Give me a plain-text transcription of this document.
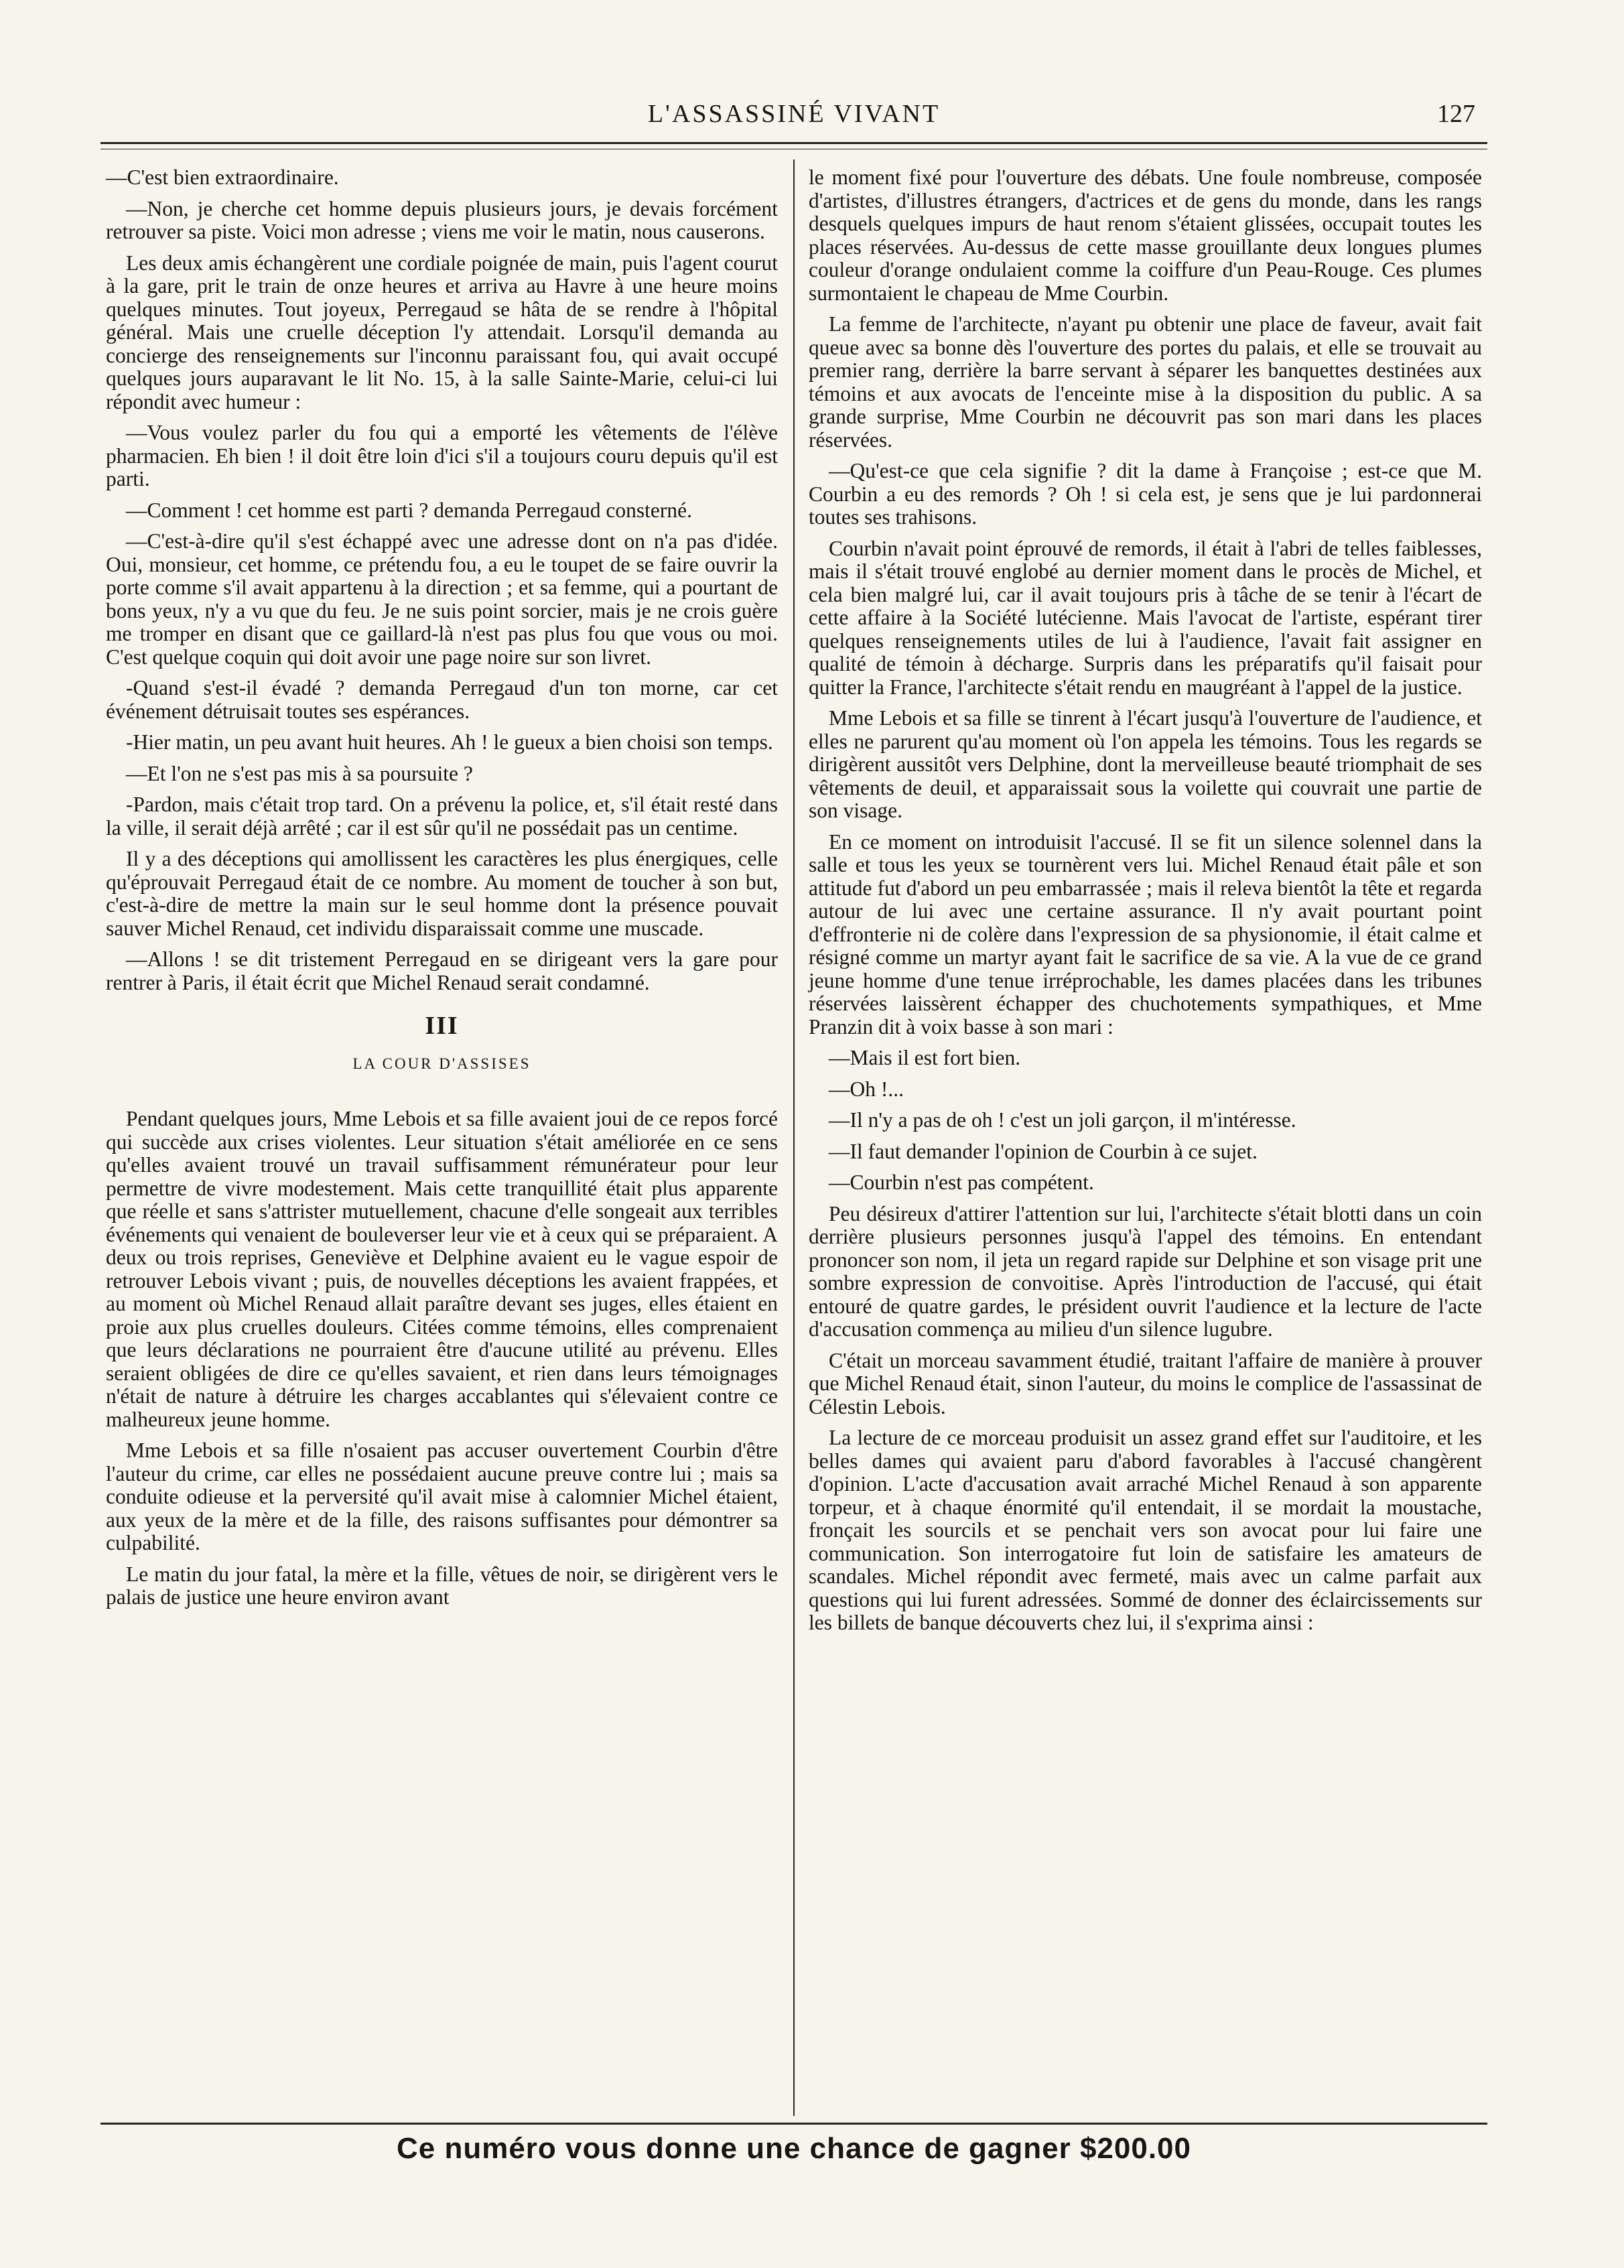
L'ASSASSINÉ VIVANT	127

—C'est bien extraordinaire.

—Non, je cherche cet homme depuis plusieurs jours, je devais forcément retrouver sa piste. Voici mon adresse ; viens me voir le matin, nous causerons.

Les deux amis échangèrent une cordiale poignée de main, puis l'agent courut à la gare, prit le train de onze heures et arriva au Havre à une heure moins quelques minutes. Tout joyeux, Perregaud se hâta de se rendre à l'hôpital général. Mais une cruelle déception l'y attendait. Lorsqu'il demanda au concierge des renseignements sur l'inconnu paraissant fou, qui avait occupé quelques jours auparavant le lit No. 15, à la salle Sainte-Marie, celui-ci lui répondit avec humeur :

—Vous voulez parler du fou qui a emporté les vêtements de l'élève pharmacien. Eh bien ! il doit être loin d'ici s'il a toujours couru depuis qu'il est parti.

—Comment ! cet homme est parti ? demanda Perregaud consterné.

—C'est-à-dire qu'il s'est échappé avec une adresse dont on n'a pas d'idée. Oui, monsieur, cet homme, ce prétendu fou, a eu le toupet de se faire ouvrir la porte comme s'il avait appartenu à la direction ; et sa femme, qui a pourtant de bons yeux, n'y a vu que du feu. Je ne suis point sorcier, mais je ne crois guère me tromper en disant que ce gaillard-là n'est pas plus fou que vous ou moi. C'est quelque coquin qui doit avoir une page noire sur son livret.

-Quand s'est-il évadé ? demanda Perregaud d'un ton morne, car cet événement détruisait toutes ses espérances.

-Hier matin, un peu avant huit heures. Ah ! le gueux a bien choisi son temps.

—Et l'on ne s'est pas mis à sa poursuite ?

-Pardon, mais c'était trop tard. On a prévenu la police, et, s'il était resté dans la ville, il serait déjà arrêté ; car il est sûr qu'il ne possédait pas un centime.

Il y a des déceptions qui amollissent les caractères les plus énergiques, celle qu'éprouvait Perregaud était de ce nombre. Au moment de toucher à son but, c'est-à-dire de mettre la main sur le seul homme dont la présence pouvait sauver Michel Renaud, cet individu disparaissait comme une muscade.

—Allons ! se dit tristement Perregaud en se dirigeant vers la gare pour rentrer à Paris, il était écrit que Michel Renaud serait condamné.

III
LA COUR D'ASSISES

Pendant quelques jours, Mme Lebois et sa fille avaient joui de ce repos forcé qui succède aux crises violentes. Leur situation s'était améliorée en ce sens qu'elles avaient trouvé un travail suffisamment rémunérateur pour leur permettre de vivre modestement. Mais cette tranquillité était plus apparente que réelle et sans s'attrister mutuellement, chacune d'elle songeait aux terribles événements qui venaient de bouleverser leur vie et à ceux qui se préparaient. A deux ou trois reprises, Geneviève et Delphine avaient eu le vague espoir de retrouver Lebois vivant ; puis, de nouvelles déceptions les avaient frappées, et au moment où Michel Renaud allait paraître devant ses juges, elles étaient en proie aux plus cruelles douleurs. Citées comme témoins, elles comprenaient que leurs déclarations ne pourraient être d'aucune utilité au prévenu. Elles seraient obligées de dire ce qu'elles savaient, et rien dans leurs témoignages n'était de nature à détruire les charges accablantes qui s'élevaient contre ce malheureux jeune homme.

Mme Lebois et sa fille n'osaient pas accuser ouvertement Courbin d'être l'auteur du crime, car elles ne possédaient aucune preuve contre lui ; mais sa conduite odieuse et la perversité qu'il avait mise à calomnier Michel étaient, aux yeux de la mère et de la fille, des raisons suffisantes pour démontrer sa culpabilité.

Le matin du jour fatal, la mère et la fille, vêtues de noir, se dirigèrent vers le palais de justice une heure environ avant

le moment fixé pour l'ouverture des débats. Une foule nombreuse, composée d'artistes, d'illustres étrangers, d'actrices et de gens du monde, dans les rangs desquels quelques impurs de haut renom s'étaient glissées, occupait toutes les places réservées. Au-dessus de cette masse grouillante deux longues plumes couleur d'orange ondulaient comme la coiffure d'un Peau-Rouge. Ces plumes surmontaient le chapeau de Mme Courbin.

La femme de l'architecte, n'ayant pu obtenir une place de faveur, avait fait queue avec sa bonne dès l'ouverture des portes du palais, et elle se trouvait au premier rang, derrière la barre servant à séparer les banquettes destinées aux témoins et aux avocats de l'enceinte mise à la disposition du public. A sa grande surprise, Mme Courbin ne découvrit pas son mari dans les places réservées.

—Qu'est-ce que cela signifie ? dit la dame à Françoise ; est-ce que M. Courbin a eu des remords ? Oh ! si cela est, je sens que je lui pardonnerai toutes ses trahisons.

Courbin n'avait point éprouvé de remords, il était à l'abri de telles faiblesses, mais il s'était trouvé englobé au dernier moment dans le procès de Michel, et cela bien malgré lui, car il avait toujours pris à tâche de se tenir à l'écart de cette affaire à la Société lutécienne. Mais l'avocat de l'artiste, espérant tirer quelques renseignements utiles de lui à l'audience, l'avait fait assigner en qualité de témoin à décharge. Surpris dans les préparatifs qu'il faisait pour quitter la France, l'architecte s'était rendu en maugréant à l'appel de la justice.

Mme Lebois et sa fille se tinrent à l'écart jusqu'à l'ouverture de l'audience, et elles ne parurent qu'au moment où l'on appela les témoins. Tous les regards se dirigèrent aussitôt vers Delphine, dont la merveilleuse beauté triomphait de ses vêtements de deuil, et apparaissait sous la voilette qui couvrait une partie de son visage.

En ce moment on introduisit l'accusé. Il se fit un silence solennel dans la salle et tous les yeux se tournèrent vers lui. Michel Renaud était pâle et son attitude fut d'abord un peu embarrassée ; mais il releva bientôt la tête et regarda autour de lui avec une certaine assurance. Il n'y avait pourtant point d'effronterie ni de colère dans l'expression de sa physionomie, il était calme et résigné comme un martyr ayant fait le sacrifice de sa vie. A la vue de ce grand jeune homme d'une tenue irréprochable, les dames placées dans les tribunes réservées laissèrent échapper des chuchotements sympathiques, et Mme Pranzin dit à voix basse à son mari :

—Mais il est fort bien.

—Oh !...

—Il n'y a pas de oh ! c'est un joli garçon, il m'intéresse.

—Il faut demander l'opinion de Courbin à ce sujet.

—Courbin n'est pas compétent.

Peu désireux d'attirer l'attention sur lui, l'architecte s'était blotti dans un coin derrière plusieurs personnes jusqu'à l'appel des témoins. En entendant prononcer son nom, il jeta un regard rapide sur Delphine et son visage prit une sombre expression de convoitise. Après l'introduction de l'accusé, qui était entouré de quatre gardes, le président ouvrit l'audience et la lecture de l'acte d'accusation commença au milieu d'un silence lugubre.

C'était un morceau savamment étudié, traitant l'affaire de manière à prouver que Michel Renaud était, sinon l'auteur, du moins le complice de l'assassinat de Célestin Lebois.

La lecture de ce morceau produisit un assez grand effet sur l'auditoire, et les belles dames qui avaient paru d'abord favorables à l'accusé changèrent d'opinion. L'acte d'accusation avait arraché Michel Renaud à son apparente torpeur, et à chaque énormité qu'il entendait, il se mordait la moustache, fronçait les sourcils et se penchait vers son avocat pour lui faire une communication. Son interrogatoire fut loin de satisfaire les amateurs de scandales. Michel répondit avec fermeté, mais avec un calme parfait aux questions qui lui furent adressées. Sommé de donner des éclaircissements sur les billets de banque découverts chez lui, il s'exprima ainsi :

Ce numéro vous donne une chance de gagner $200.00
